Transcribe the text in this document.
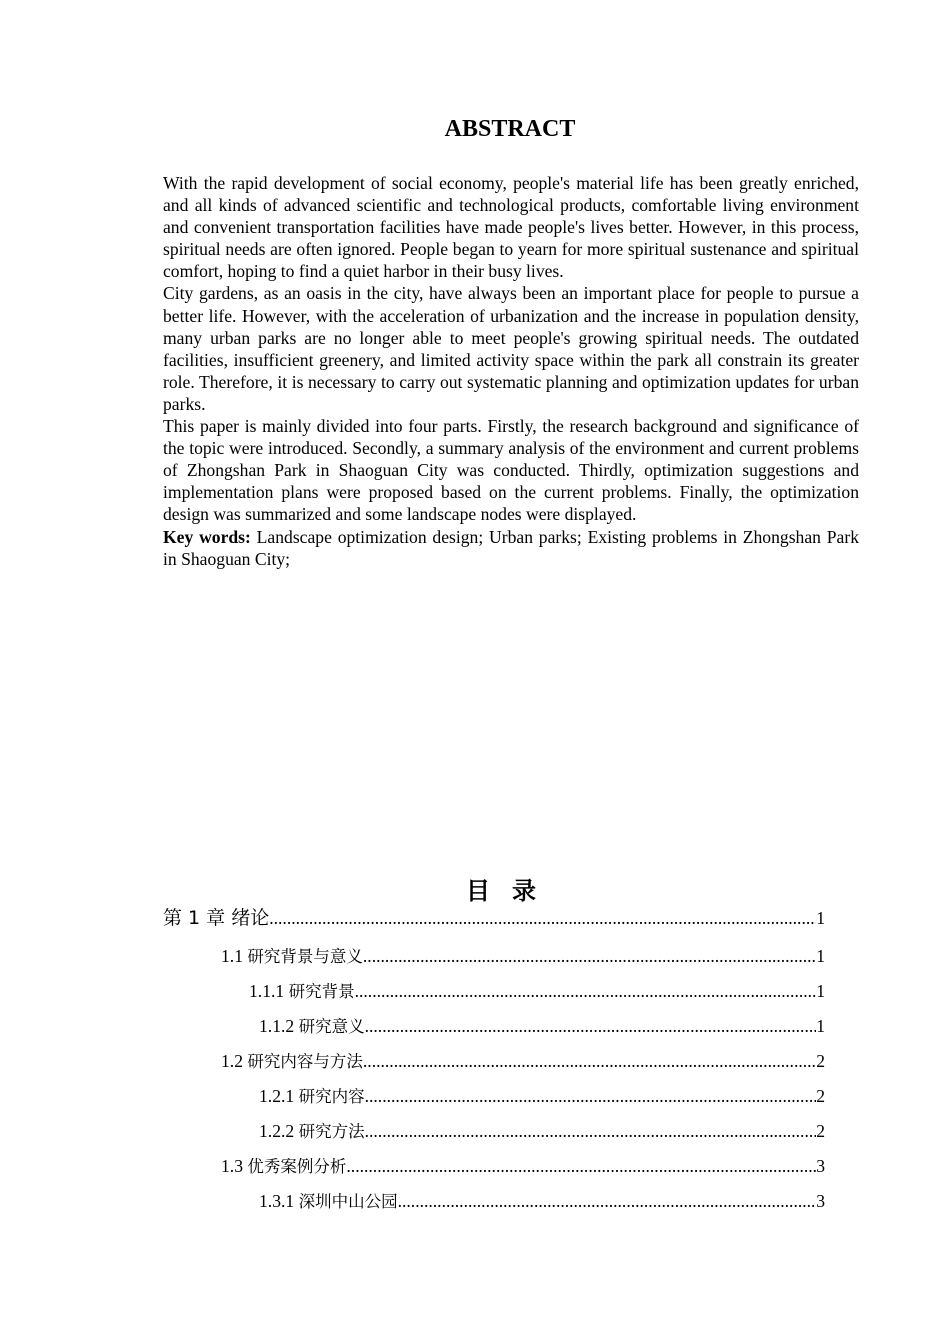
ABSTRACT

With the rapid development of social economy, people's material life has been greatly enriched, and all kinds of advanced scientific and technological products, comfortable living environment and convenient transportation facilities have made people's lives better. However, in this process, spiritual needs are often ignored. People began to yearn for more spiritual sustenance and spiritual comfort, hoping to find a quiet harbor in their busy lives.

City gardens, as an oasis in the city, have always been an important place for people to pursue a better life. However, with the acceleration of urbanization and the increase in population density, many urban parks are no longer able to meet people's growing spiritual needs. The outdated facilities, insufficient greenery, and limited activity space within the park all constrain its greater role. Therefore, it is necessary to carry out systematic planning and optimization updates for urban parks.

This paper is mainly divided into four parts. Firstly, the research background and significance of the topic were introduced. Secondly, a summary analysis of the environment and current problems of Zhongshan Park in Shaoguan City was conducted. Thirdly, optimization suggestions and implementation plans were proposed based on the current problems. Finally, the optimization design was summarized and some landscape nodes were displayed.

Key words: Landscape optimization design; Urban parks; Existing problems in Zhongshan Park in Shaoguan City;

目录
第 1 章 绪论 .....	1
1.1 研究背景与意义 .....	1
1.1.1 研究背景 .....	1
1.1.2 研究意义 .....	1
1.2 研究内容与方法 .....	2
1.2.1 研究内容 .....	2
1.2.2 研究方法 .....	2
1.3 优秀案例分析 .....	3
1.3.1 深圳中山公园 .....	3
